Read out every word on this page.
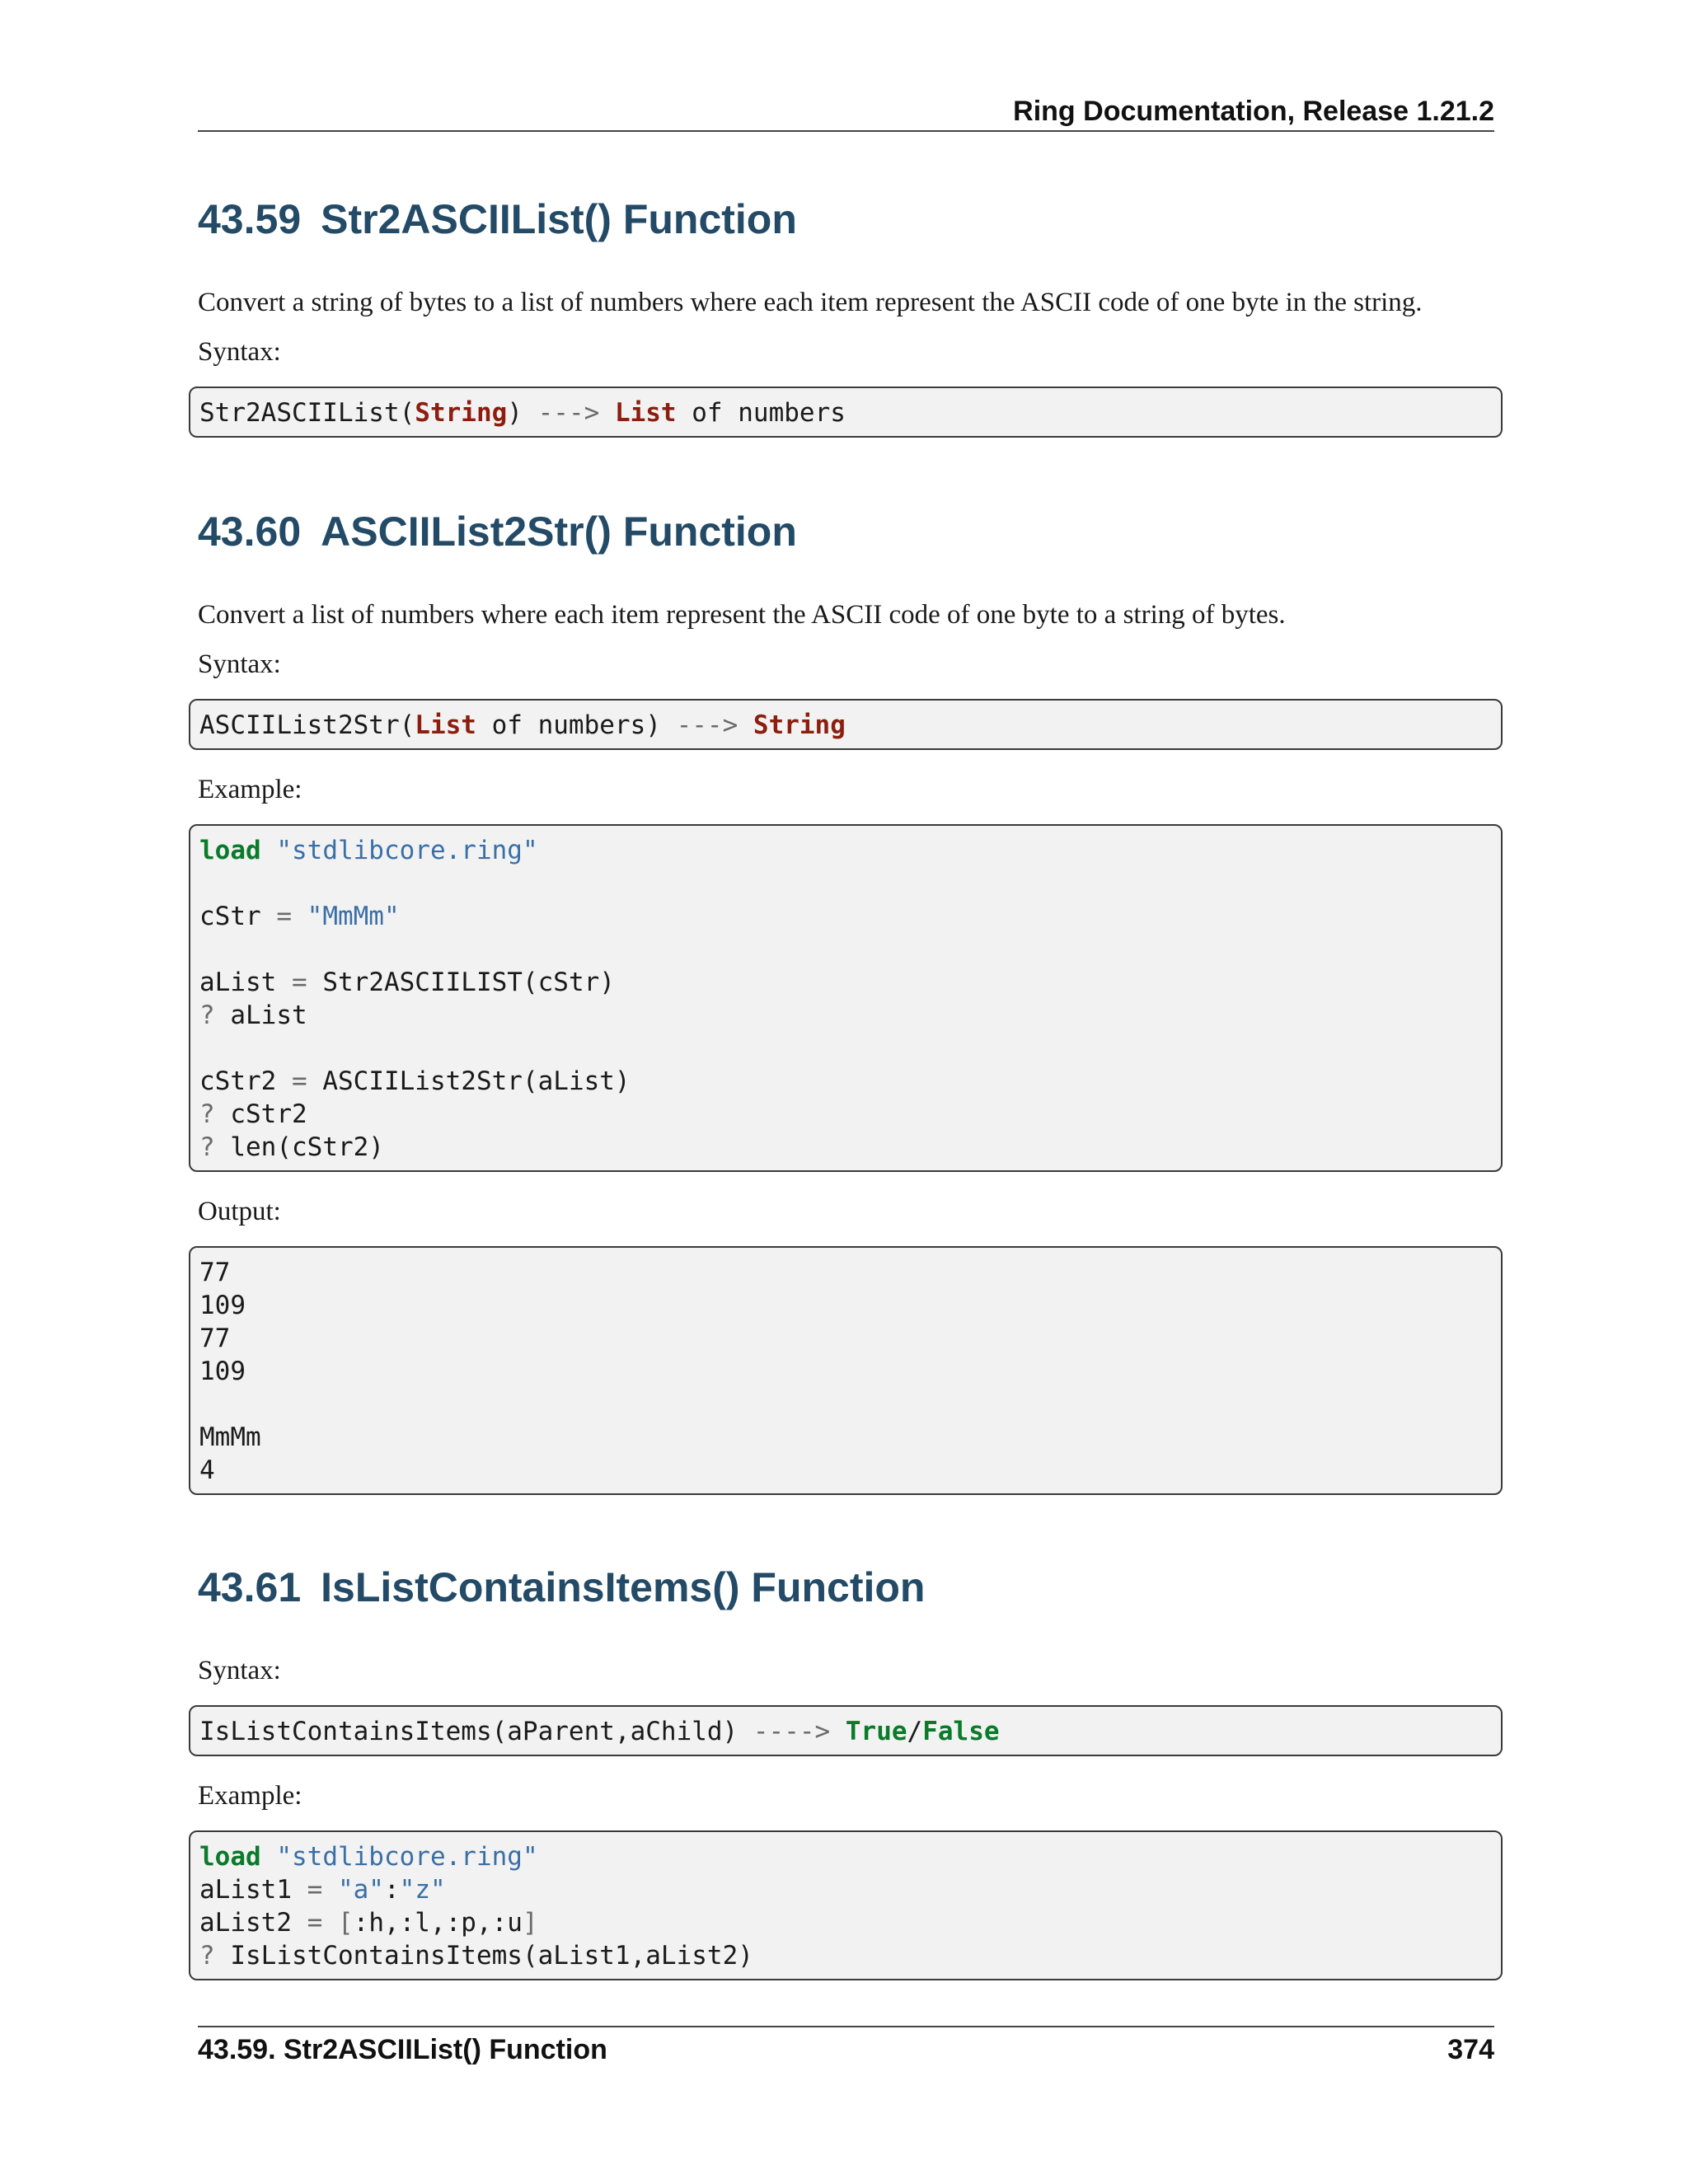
Ring Documentation, Release 1.21.2
43.59 Str2ASCIIList() Function

Convert a string of bytes to a list of numbers where each item represent the ASCII code of one byte in the string.

Syntax:

Str2ASCIIList(String) ---> List of numbers
43.60 ASCIIList2Str() Function

Convert a list of numbers where each item represent the ASCII code of one byte to a string of bytes.

Syntax:

ASCIIList2Str(List of numbers) ---> String

Example:

load "stdlibcore.ring"
cStr = "MmMm"
aList = Str2ASCIILIST(cStr)
? aList
cStr2 = ASCIIList2Str(aList)
? cStr2
? len(cStr2)

Output:

77
109
77
109
MmMm
4
43.61 IsListContainsItems() Function

Syntax:

IsListContainsItems(aParent,aChild) ----> True/False

Example:

load "stdlibcore.ring"
aList1 = "a":"z"
aList2 = [:h,:l,:p,:u]
? IsListContainsItems(aList1,aList2)
43.59. Str2ASCIIList() Function	374
